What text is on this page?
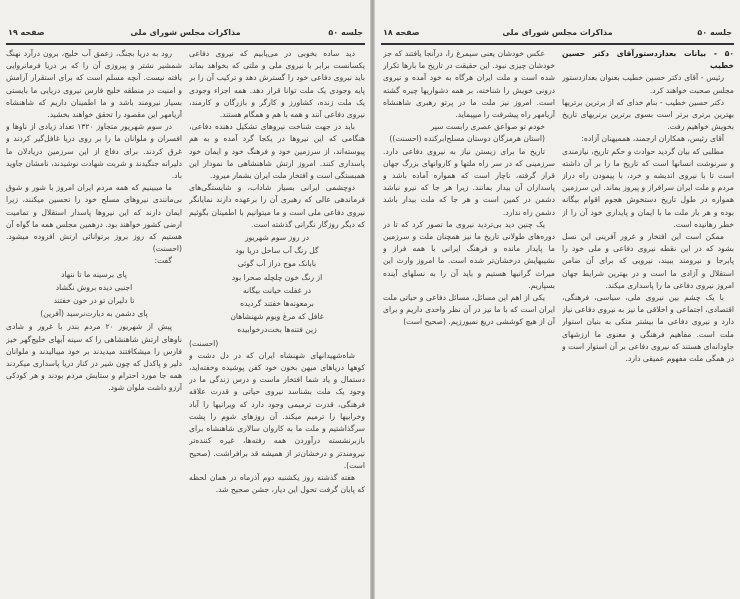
جلسه ۵۰
مذاکرات مجلس شورای ملی
صفحه ۱۹

دید ساده بخوبی در می‌یابیم که نیروی دفاعی یکسانست برابر با نیروی ملی و ملتی که بخواهد بماند باید نیروی دفاعی خود را گسترش دهد و ترکیب آن را بر پایه وجودی یک ملت توانا قرار دهد. همه اجزاء وجودی یک ملت زنده، کشاورز و کارگر و بازرگان و کارمند، نیروی دفاعی آنند و همه با هم و همگام هستند.

باید در جهت شناخت نیروهای تشکیل دهنده دفاعی، هنگامی که این نیروها در یکجا گرد آمده و به هم پیوسته‌اند، از سرزمین خود و فرهنگ خود و ایمان خود پاسداری کنند. امروز ارتش شاهنشاهی ما نمودار این همبستگی است و افتخار ملت ایران بشمار میرود.

دوچشمی ایرانی بسیار شاداب، و شایستگی‌های فرماندهی عالی که رهبری آن را برعهده دارند نمایانگر نیروی دفاعی ملی است و ما میتوانیم با اطمینان بگوئیم که دیگر روزگار نگرانی گذشته است.

در روز سوم شهریور

گل رنگ آب ساحل دریا بود

بابانک موج دراز آب گوئی

از رنگ خون چلچله صحرا بود

در غفلت خیانت بیگانه

برمعونه‌ها خفتند گردیده

غافل که مرغ ویوم شهنشاهان

زین فتنه‌ها بخت‌درخوابیده

(احسنت)

شاه‌شهیدانهای شهنشاه ایران که در دل دشت و کوهها دریاهای میهن بخون خود کفن پوشیده وخفته‌اید، دستمال و یاد شما افتخار ماست و درس زندگی ما در وجود یک ملت بشناسد نیروی حیاتی و قدرت علاقه فرهنگی، قدرت ترمیمی وجود دارد که ویرانیها را آباد وخرابیها را ترمیم میکند. آن روزهای شوم را پشت سرگذاشتیم و ملت ما به کاروان سالاری شاهنشاه برای بازبرنشسته درآوردن همه رفته‌ها، غیره کننده‌تر نیرومندتر و درخشان‌تر از همیشه قد برافراشت. (صحیح است).

هفته گذشته روز یکشنبه دوم آذرماه در همان لحظه که پایان گرفت تحول این دیار، جشن صحیح شد.

رود به دریا بجنگ، زعمق آب خلیج، برون درآرد نهنگ شمشیر نشتر و پیروزی آن را که بر دریا فرمانروایی یافته نیست. آنچه مسلم است که برای استقرار آرامش و امنیت در منطقه خلیج فارس نیروی دریایی ما بایستی بسیار نیرومند باشد و ما اطمینان داریم که شاهنشاه آریامهر این مقصود را تحقق خواهند بخشید.

در سوم شهریور متجاوز ۱۳۲۰ تعداد زیادی از ناوها و افسران و ملوانان ما را بر روی دریا غافل‌گیر کردند و غرق کردند. برای دفاع از این سرزمین دریادلان ما دلیرانه جنگیدند و شربت شهادت نوشیدند، نامشان جاوید باد.

ما میبینیم که همه مردم ایران امروز با شور و شوق بی‌مانندی نیروهای مسلح خود را تحسین میکنند، زیرا ایمان دارند که این نیروها پاسدار استقلال و تمامیت ارضی کشور خواهند بود. درهمین مجلس همه ما گواه آن هستیم که روز بروز برتوانائی ارتش افزوده میشود. (احسنت)

گفت:

پای برسینه ما تا ننهاد

اجنبی دیده بروش نگشاد

تا دلیران تو در خون خفتند

پای دشمن به دیارت‌نرسید (آفرین)

پیش از شهریور ۲۰ مردم بندر با غرور و شادی ناوهای ارتش شاهنشاهی را که سینه آبهای خلیج‌گهر خیز فارس را میشکافتند میدیدند بر خود میبالیدند و ملوانان دلیر و پاکدل که چون شیر در کنار دریا پاسداری میکردند همه جا مورد احترام و ستایش مردم بودند و هر کودکی آرزو داشت ملوان شود.

جلسه ۵۰
مذاکرات مجلس شورای ملی
صفحه ۱۸

۵۰ - بیانات بعدازدستورآقای دکتر حسین خطیب

رئیس - آقای دکتر حسین خطیب بعنوان بعدازدستور مجلس صحبت خواهند کرد.

دکتر حسین خطیب - بنام خدای که از برترین برتریها بهترین برتری برتر است بسوی برترین برتریهای تاریخ بخویش خواهیم رفت.

آقای رئیس، همکاران ارجمند، هممیهنان آزاده:

مطلبی که بیان گردید حوادث و حکم تاریخ، نیازمندی و سرنوشت انسانها است که تاریخ ما را بر آن داشته است تا با نیروی اندیشه و خرد، با پیمودن راه دراز مردم و ملت ایران سرافراز و پیروز بماند. این سرزمین همواره در طول تاریخ دستخوش هجوم اقوام بیگانه بوده و هر بار ملت ما با ایمان و پایداری خود آن را از خطر رهانیده است.

ممکن است این افتخار و غرور آفرینی این نسل بشود که در این نقطه نیروی دفاعی و ملی خود را پابرجا و نیرومند ببیند، نیرویی که برای آن ضامن استقلال و آزادی ما است و در بهترین شرایط جهان امروز نیروی دفاعی ما را پاسداری میکند.

با یک چشم بین نیروی ملی، سیاسی، فرهنگی، اقتصادی، اجتماعی و اخلاقی ما نیز به نیروی دفاعی نیاز دارد و نیروی دفاعی ما بیشتر متکی به بنیان استوار ملت است. مفاهیم فرهنگی و معنوی ما ارزشهای جاودانه‌ای هستند که نیروی دفاعی بر آن استوار است و در همگی ملت مفهوم عمیقی دارد.

عکس خودشان یعنی سیمرغ را، درآنجا یافتند که جز خودشان چیزی نبود. این حقیقت در تاریخ ما بارها تکرار شده است و ملت ایران هرگاه به خود آمده و نیروی درونی خویش را شناخته، بر همه دشواریها چیره گشته است. امروز نیز ملت ما در پرتو رهبری شاهنشاه آریامهر راه پیشرفت را میپیماید.

خودم تو صواعق عصری رابست سپر

(استان هرمزگان دوستان مسلح‌ابرکنده (احسنت))

تاریخ ما برای زیستن نیاز به نیروی دفاعی دارد. سرزمینی که در سر راه ملتها و کاروانهای بزرگ جهان قرار گرفته، ناچار است که همواره آماده باشد و پاسداران آن بیدار بمانند. زیرا هر جا که نیرو نباشد دشمن در کمین است و هر جا که ملت بیدار باشد دشمن راه ندارد.

یک چنین دید بی‌تردید نیروی ما تصور کرد که تا در دوره‌های طولانی تاریخ ما نیز همچنان ملت و سرزمین ما پایدار مانده و فرهنگ ایرانی با همه فراز و نشیبهایش درخشان‌تر شده است. ما امروز وارث این میراث گرانبها هستیم و باید آن را به نسلهای آینده بسپاریم.

یکی از اهم این مسائل، مسائل دفاعی و حیاتی ملت ایران است که با ما نیز در آن نظر واحدی داریم و برای آن از هیچ کوششی دریغ نمیورزیم. (صحیح است)
